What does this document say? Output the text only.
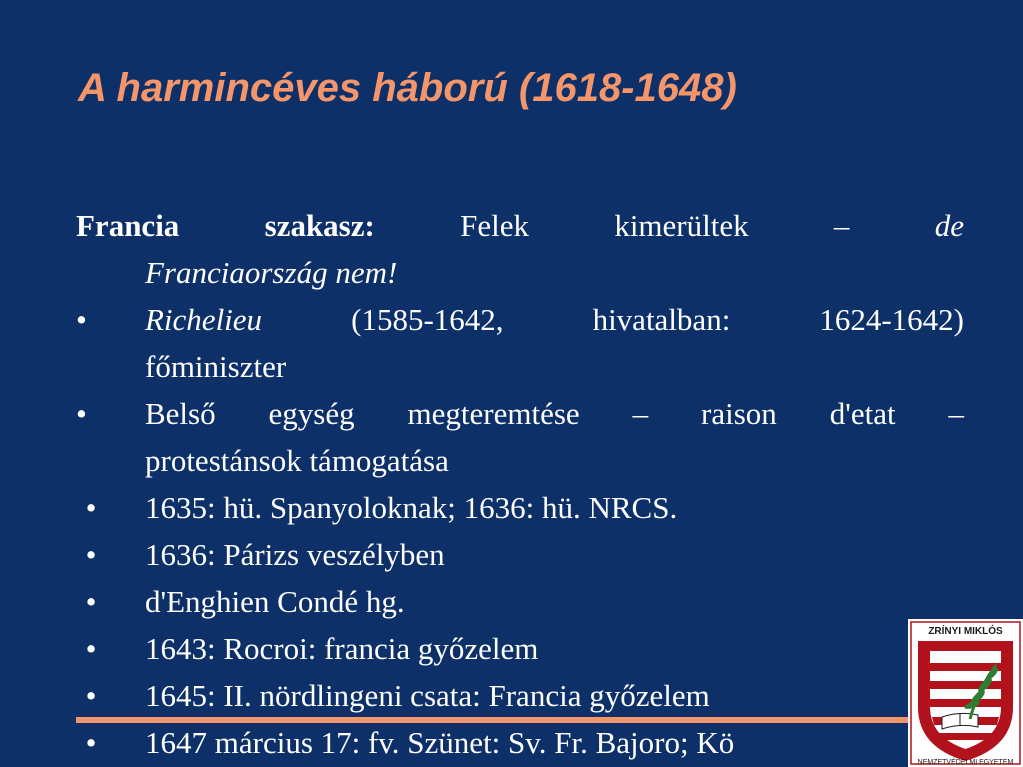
A harmincéves háború (1618-1648)
Francia szakasz:	Felek kimerültek – de
Franciaország nem!
•	Richelieu	(1585-1642, hivatalban: 1624-1642)
főminiszter
•	Belső egység megteremtése – raison d'etat –
protestánsok támogatása
•	1635: hü. Spanyoloknak; 1636: hü. NRCS.
•	1636: Párizs veszélyben
•	d'Enghien Condé hg.
•	1643: Rocroi: francia győzelem
•	1645: II. nördlingeni csata: Francia győzelem
•	1647 március 17: fv. Szünet: Sv. Fr. Bajoro; Kö
ZRÍNYI MIKLÓS
NEMZETVÉDELMI EGYETEM
